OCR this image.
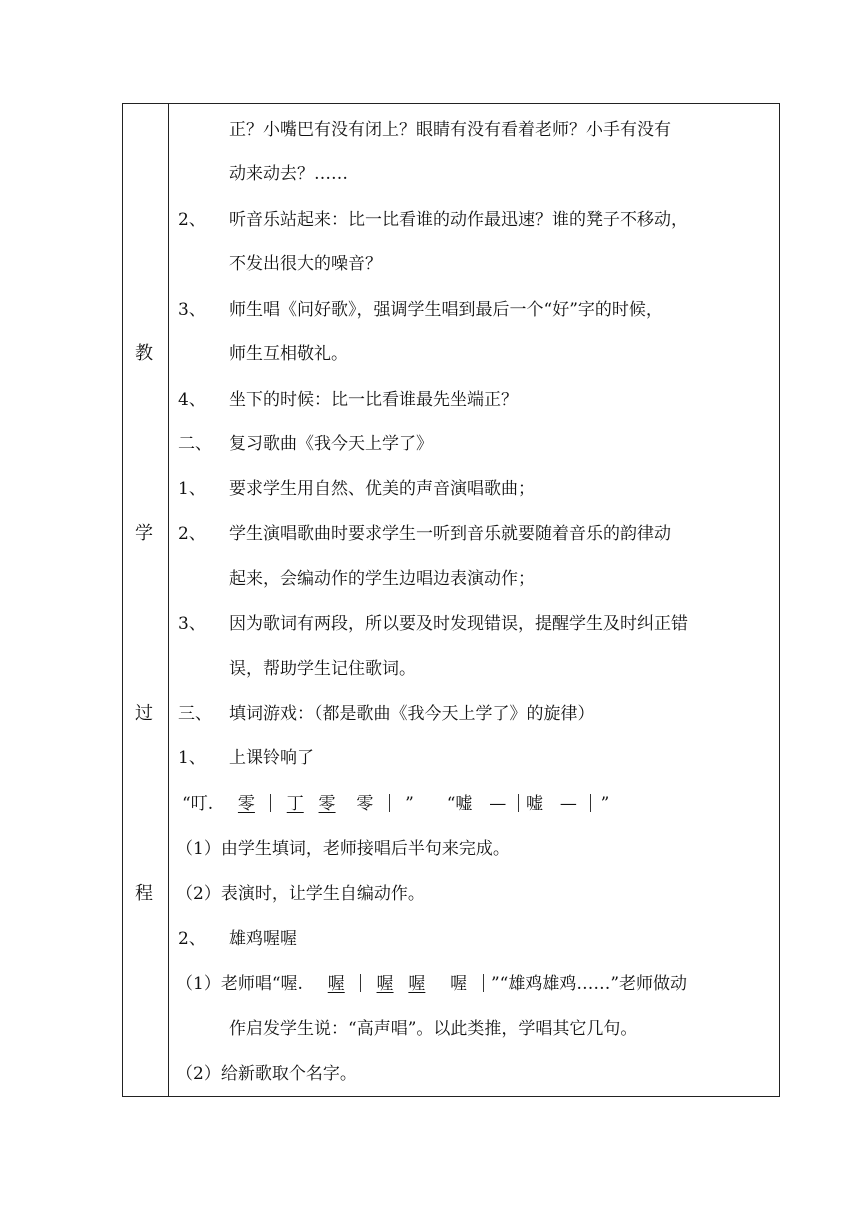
教
学
过
程
正？小嘴巴有没有闭上？眼睛有没有看着老师？小手有没有
动来动去？……
2、 听音乐站起来：比一比看谁的动作最迅速？谁的凳子不移动，
不发出很大的噪音？
3、 师生唱《问好歌》，强调学生唱到最后一个“好”字的时候，
师生互相敬礼。
4、 坐下的时候：比一比看谁最先坐端正？
二、 复习歌曲《我今天上学了》
1、 要求学生用自然、优美的声音演唱歌曲；
2、 学生演唱歌曲时要求学生一听到音乐就要随着音乐的韵律动
起来，会编动作的学生边唱边表演动作；
3、 因为歌词有两段，所以要及时发现错误，提醒学生及时纠正错
误，帮助学生记住歌词。
三、 填词游戏：（都是歌曲《我今天上学了》的旋律）
1、 上课铃响了
“叮. 零 丁 零 零 ” “嘘 — 嘘 — ”
（1）由学生填词，老师接唱后半句来完成。
（2）表演时，让学生自编动作。
2、 雄鸡喔喔
（1）老师唱“喔. 喔 喔 喔 喔 ”“雄鸡雄鸡……”老师做动
作启发学生说：“高声唱”。以此类推，学唱其它几句。
（2）给新歌取个名字。
